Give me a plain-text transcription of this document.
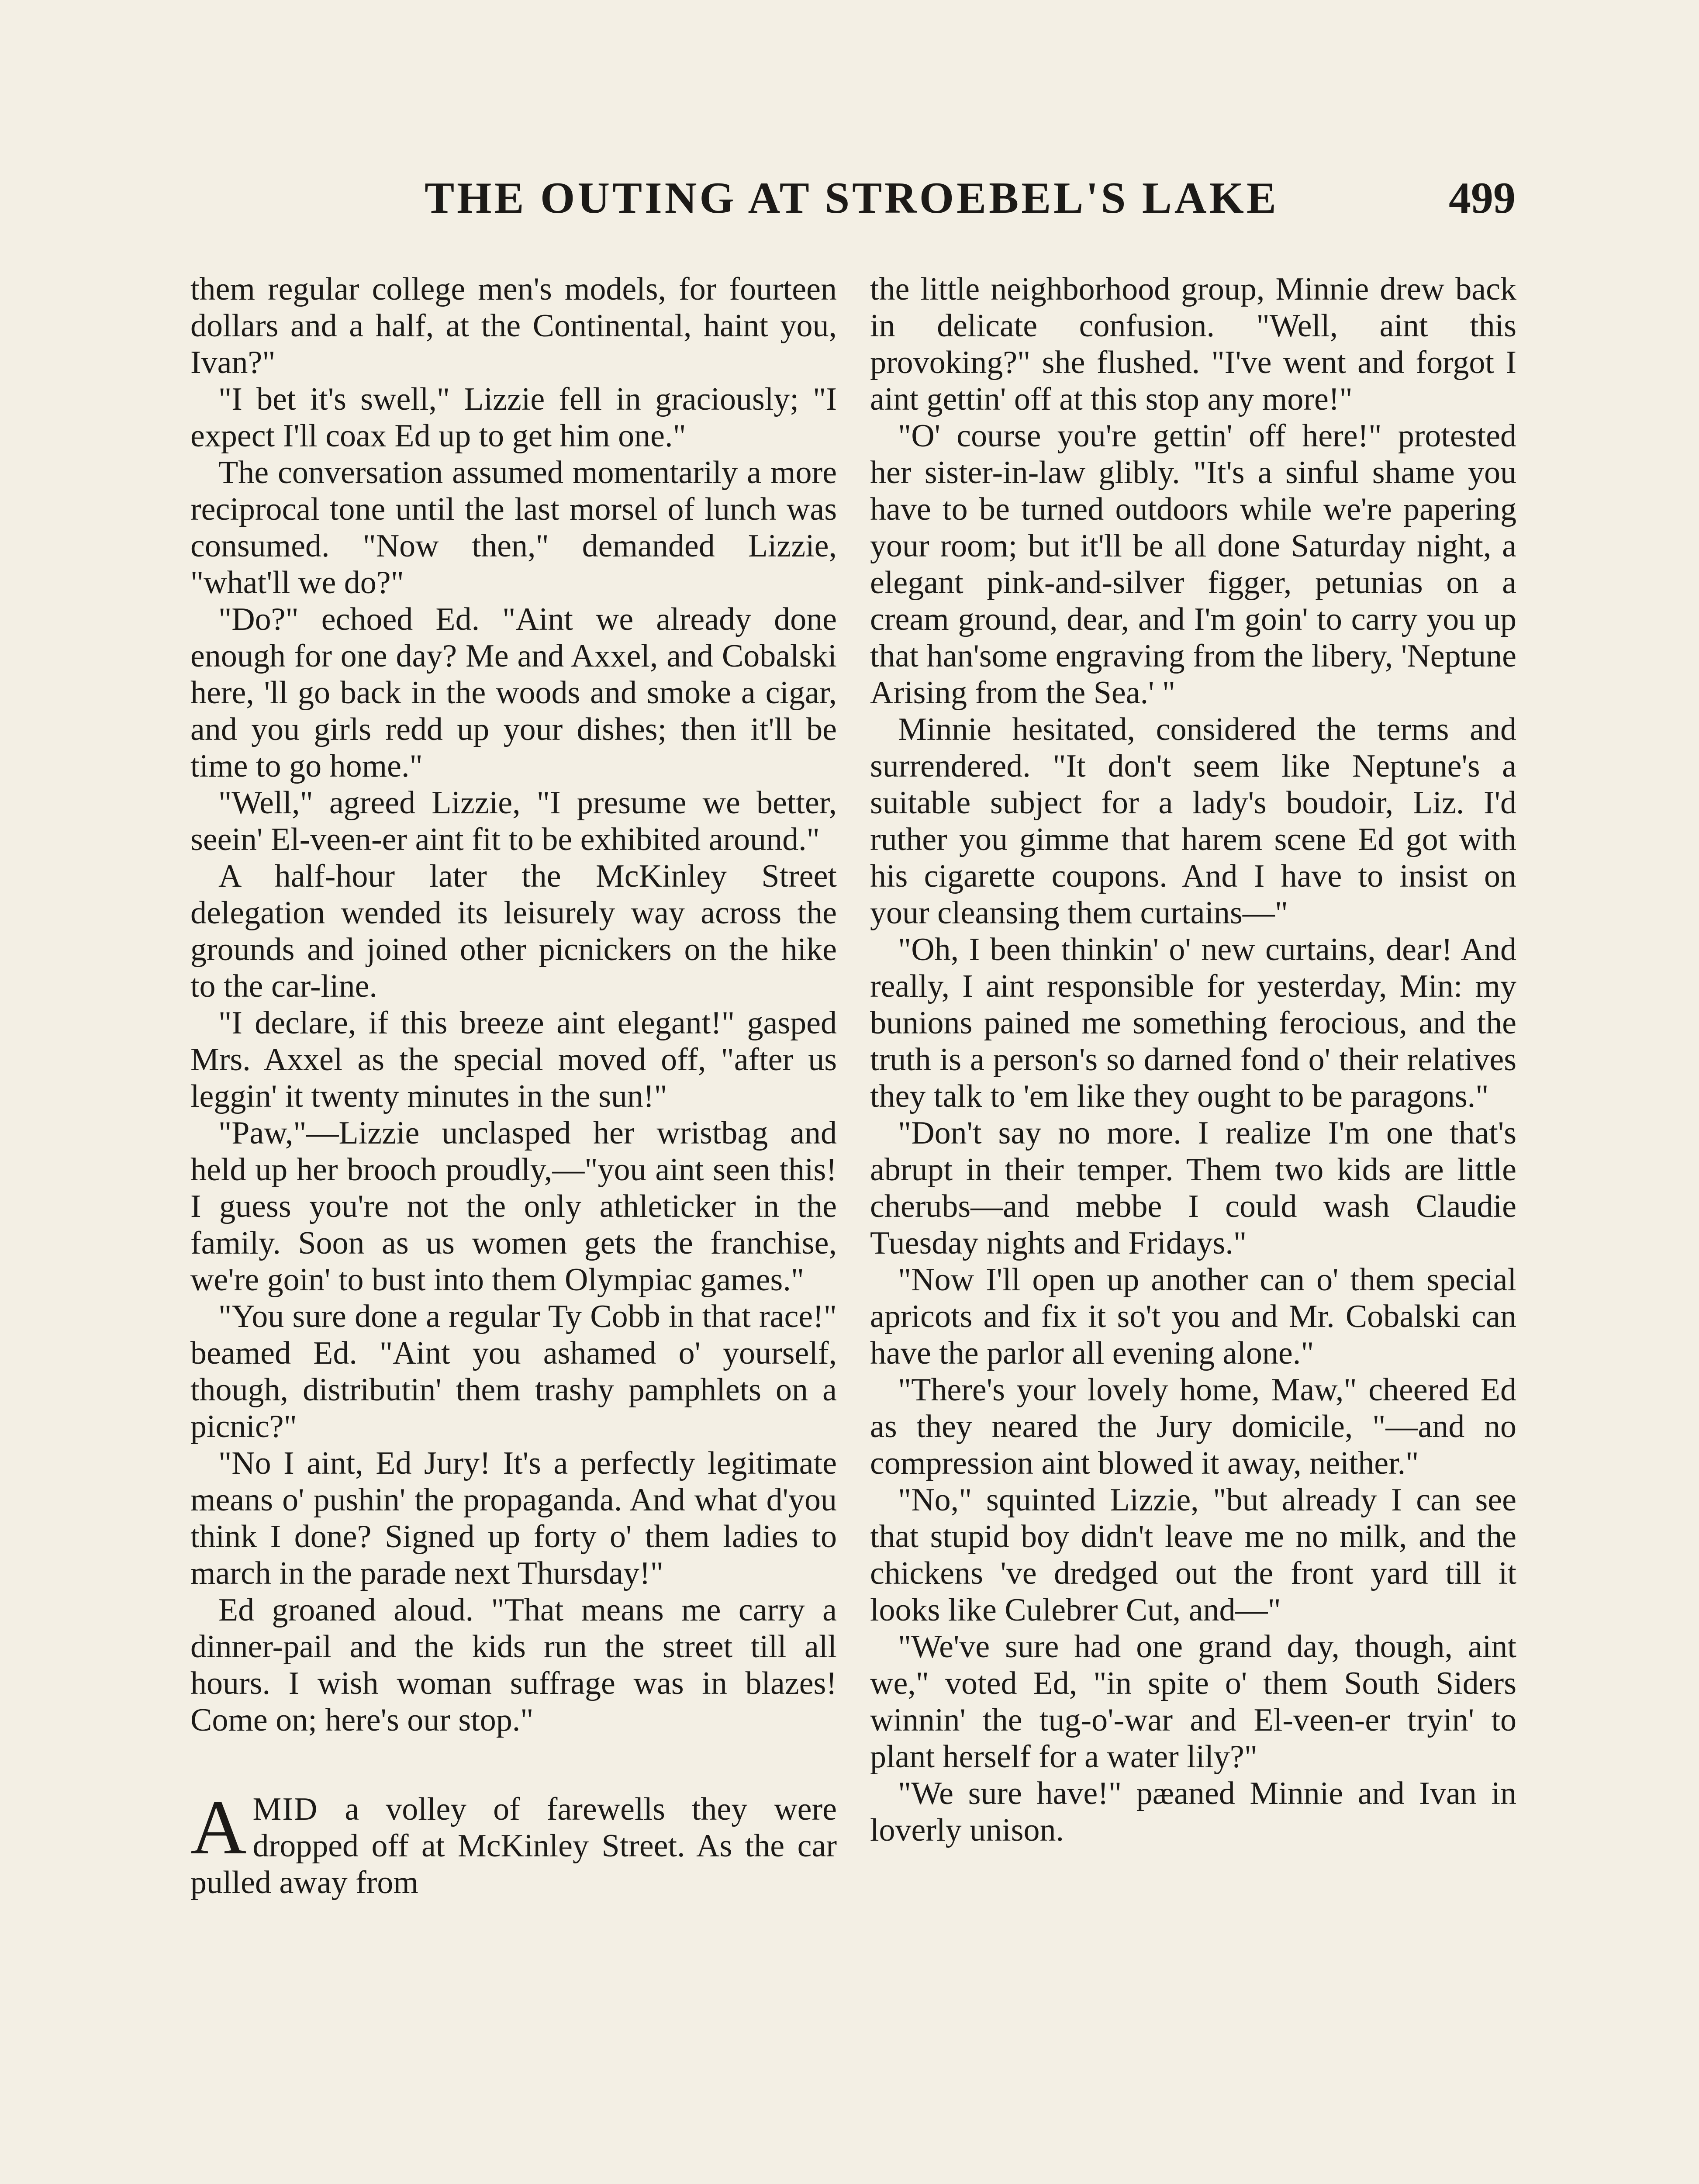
THE OUTING AT STROEBEL'S LAKE	499

them regular college men's models, for fourteen dollars and a half, at the Continental, haint you, Ivan?"

"I bet it's swell," Lizzie fell in graciously; "I expect I'll coax Ed up to get him one."

The conversation assumed momentarily a more reciprocal tone until the last morsel of lunch was consumed. "Now then," demanded Lizzie, "what'll we do?"

"Do?" echoed Ed. "Aint we already done enough for one day? Me and Axxel, and Cobalski here, 'll go back in the woods and smoke a cigar, and you girls redd up your dishes; then it'll be time to go home."

"Well," agreed Lizzie, "I presume we better, seein' El-veen-er aint fit to be exhibited around."

A half-hour later the McKinley Street delegation wended its leisurely way across the grounds and joined other picnickers on the hike to the car-line.

"I declare, if this breeze aint elegant!" gasped Mrs. Axxel as the special moved off, "after us leggin' it twenty minutes in the sun!"

"Paw,"—Lizzie unclasped her wristbag and held up her brooch proudly,—"you aint seen this! I guess you're not the only athleticker in the family. Soon as us women gets the franchise, we're goin' to bust into them Olympiac games."

"You sure done a regular Ty Cobb in that race!" beamed Ed. "Aint you ashamed o' yourself, though, distributin' them trashy pamphlets on a picnic?"

"No I aint, Ed Jury! It's a perfectly legitimate means o' pushin' the propaganda. And what d'you think I done? Signed up forty o' them ladies to march in the parade next Thursday!"

Ed groaned aloud. "That means me carry a dinner-pail and the kids run the street till all hours. I wish woman suffrage was in blazes! Come on; here's our stop."

AMID a volley of farewells they were dropped off at McKinley Street. As the car pulled away from

the little neighborhood group, Minnie drew back in delicate confusion. "Well, aint this provoking?" she flushed. "I've went and forgot I aint gettin' off at this stop any more!"

"O' course you're gettin' off here!" protested her sister-in-law glibly. "It's a sinful shame you have to be turned outdoors while we're papering your room; but it'll be all done Saturday night, a elegant pink-and-silver figger, petunias on a cream ground, dear, and I'm goin' to carry you up that han'some engraving from the libery, 'Neptune Arising from the Sea.' "

Minnie hesitated, considered the terms and surrendered. "It don't seem like Neptune's a suitable subject for a lady's boudoir, Liz. I'd ruther you gimme that harem scene Ed got with his cigarette coupons. And I have to insist on your cleansing them curtains—"

"Oh, I been thinkin' o' new curtains, dear! And really, I aint responsible for yesterday, Min: my bunions pained me something ferocious, and the truth is a person's so darned fond o' their relatives they talk to 'em like they ought to be paragons."

"Don't say no more. I realize I'm one that's abrupt in their temper. Them two kids are little cherubs—and mebbe I could wash Claudie Tuesday nights and Fridays."

"Now I'll open up another can o' them special apricots and fix it so't you and Mr. Cobalski can have the parlor all evening alone."

"There's your lovely home, Maw," cheered Ed as they neared the Jury domicile, "—and no compression aint blowed it away, neither."

"No," squinted Lizzie, "but already I can see that stupid boy didn't leave me no milk, and the chickens 've dredged out the front yard till it looks like Culebrer Cut, and—"

"We've sure had one grand day, though, aint we," voted Ed, "in spite o' them South Siders winnin' the tug-o'-war and El-veen-er tryin' to plant herself for a water lily?"

"We sure have!" pæaned Minnie and Ivan in loverly unison.
